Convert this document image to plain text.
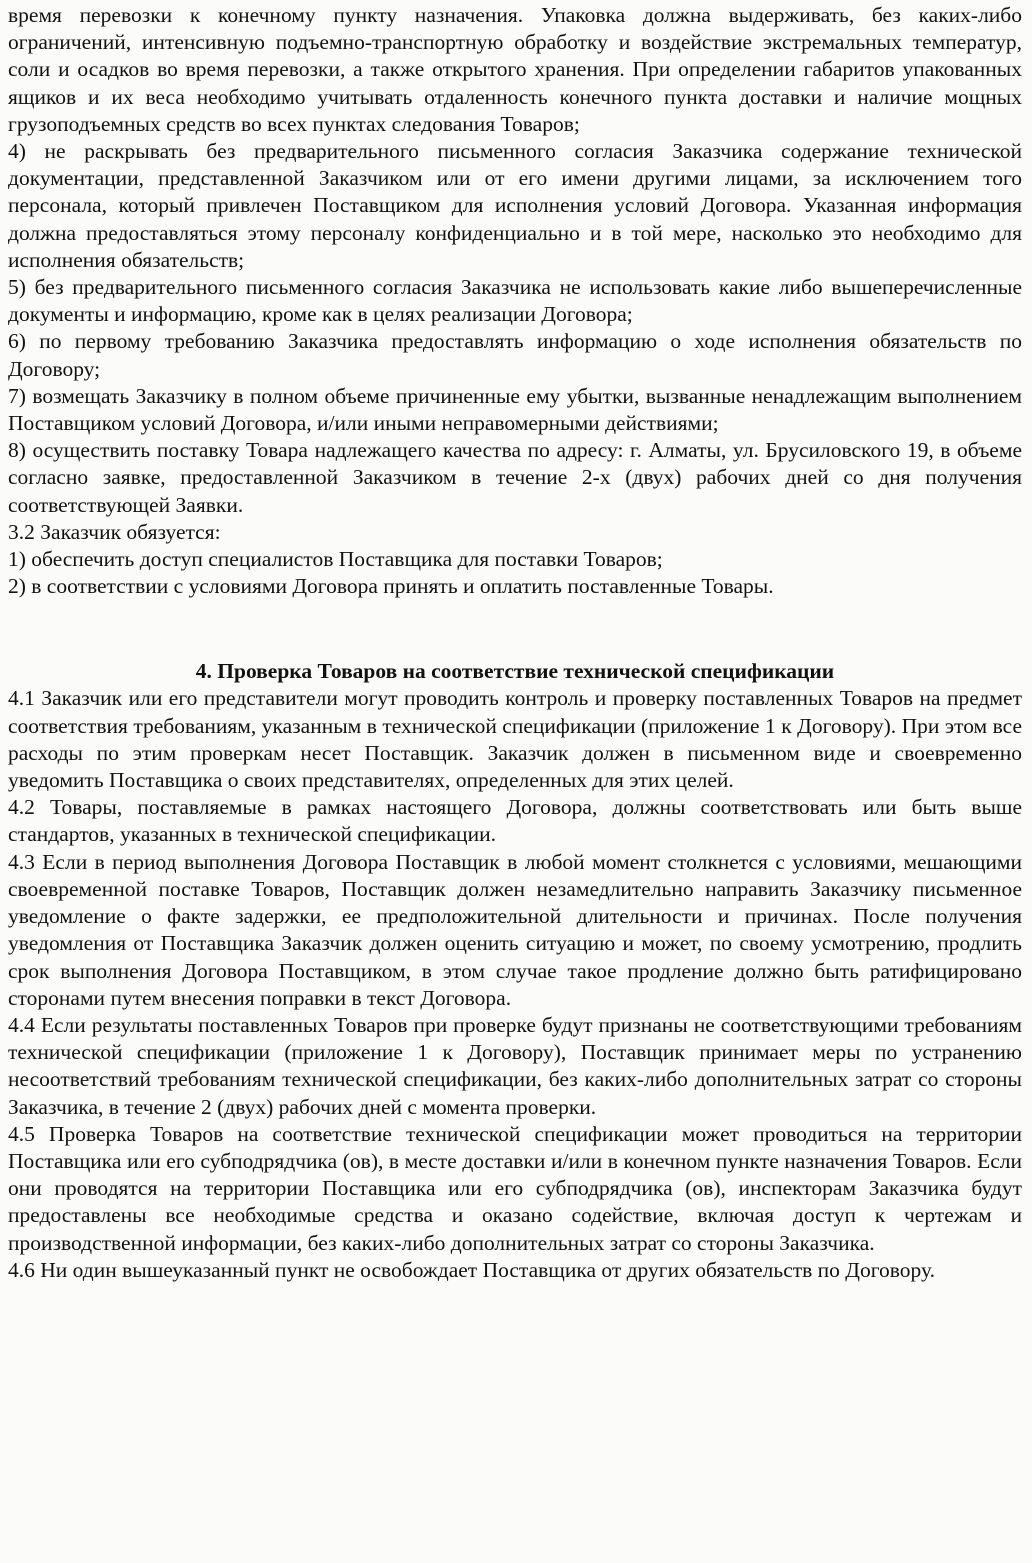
время перевозки к конечному пункту назначения. Упаковка должна выдерживать, без каких-либо ограничений, интенсивную подъемно-транспортную обработку и воздействие экстремальных температур, соли и осадков во время перевозки, а также открытого хранения. При определении габаритов упакованных ящиков и их веса необходимо учитывать отдаленность конечного пункта доставки и наличие мощных грузоподъемных средств во всех пунктах следования Товаров;

4) не раскрывать без предварительного письменного согласия Заказчика содержание технической документации, представленной Заказчиком или от его имени другими лицами, за исключением того персонала, который привлечен Поставщиком для исполнения условий Договора. Указанная информация должна предоставляться этому персоналу конфиденциально и в той мере, насколько это необходимо для исполнения обязательств;

5) без предварительного письменного согласия Заказчика не использовать какие либо вышеперечисленные документы и информацию, кроме как в целях реализации Договора;

6) по первому требованию Заказчика предоставлять информацию о ходе исполнения обязательств по Договору;

7) возмещать Заказчику в полном объеме причиненные ему убытки, вызванные ненадлежащим выполнением Поставщиком условий Договора, и/или иными неправомерными действиями;

8) осуществить поставку Товара надлежащего качества по адресу: г. Алматы, ул. Брусиловского 19, в объеме согласно заявке, предоставленной Заказчиком в течение 2-х (двух) рабочих дней со дня получения соответствующей Заявки.

3.2 Заказчик обязуется:

1) обеспечить доступ специалистов Поставщика для поставки Товаров;

2) в соответствии с условиями Договора принять и оплатить поставленные Товары.

4. Проверка Товаров на соответствие технической спецификации

4.1 Заказчик или его представители могут проводить контроль и проверку поставленных Товаров на предмет соответствия требованиям, указанным в технической спецификации (приложение 1 к Договору). При этом все расходы по этим проверкам несет Поставщик. Заказчик должен в письменном виде и своевременно уведомить Поставщика о своих представителях, определенных для этих целей.

4.2 Товары, поставляемые в рамках настоящего Договора, должны соответствовать или быть выше стандартов, указанных в технической спецификации.

4.3 Если в период выполнения Договора Поставщик в любой момент столкнется с условиями, мешающими своевременной поставке Товаров, Поставщик должен незамедлительно направить Заказчику письменное уведомление о факте задержки, ее предположительной длительности и причинах. После получения уведомления от Поставщика Заказчик должен оценить ситуацию и может, по своему усмотрению, продлить срок выполнения Договора Поставщиком, в этом случае такое продление должно быть ратифицировано сторонами путем внесения поправки в текст Договора.

4.4 Если результаты поставленных Товаров при проверке будут признаны не соответствующими требованиям технической спецификации (приложение 1 к Договору), Поставщик принимает меры по устранению несоответствий требованиям технической спецификации, без каких-либо дополнительных затрат со стороны Заказчика, в течение 2 (двух) рабочих дней с момента проверки.

4.5 Проверка Товаров на соответствие технической спецификации может проводиться на территории Поставщика или его субподрядчика (ов), в месте доставки и/или в конечном пункте назначения Товаров. Если они проводятся на территории Поставщика или его субподрядчика (ов), инспекторам Заказчика будут предоставлены все необходимые средства и оказано содействие, включая доступ к чертежам и производственной информации, без каких-либо дополнительных затрат со стороны Заказчика.

4.6 Ни один вышеуказанный пункт не освобождает Поставщика от других обязательств по Договору.
